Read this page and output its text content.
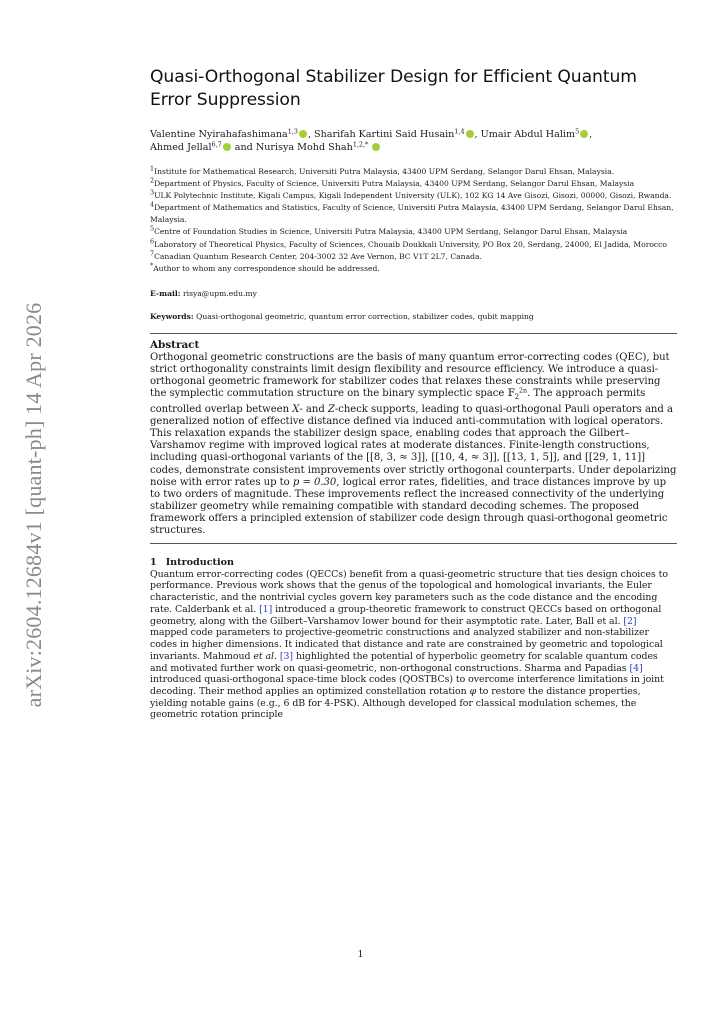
arXiv:2604.12684v1 [quant-ph] 14 Apr 2026
Quasi-Orthogonal Stabilizer Design for Efficient Quantum Error Suppression
Valentine Nyirahafashimana$^{1,3}$ , Sharifah Kartini Said Husain$^{1,4}$ , Umair Abdul Halim$^5$ ,
Ahmed Jellal$^{6,7}$ and Nurisya Mohd Shah$^{1,2,*}$
$^1$Institute for Mathematical Research, Universiti Putra Malaysia, 43400 UPM Serdang, Selangor Darul Ehsan, Malaysia.
$^2$Department of Physics, Faculty of Science, Universiti Putra Malaysia, 43400 UPM Serdang, Selangor Darul Ehsan, Malaysia
$^3$ULK Polytechnic Institute, Kigali Campus, Kigali Independent University (ULK), 102 KG 14 Ave Gisozi, Gisozi, 00000, Gisozi, Rwanda.
$^4$Department of Mathematics and Statistics, Faculty of Science, Universiti Putra Malaysia, 43400 UPM Serdang, Selangor Darul Ehsan, Malaysia.
$^5$Centre of Foundation Studies in Science, Universiti Putra Malaysia, 43400 UPM Serdang, Selangor Darul Ehsan, Malaysia
$^6$Laboratory of Theoretical Physics, Faculty of Sciences, Chouaib Doukkali University, PO Box 20, Serdang, 24000, El Jadida, Morocco
$^7$Canadian Quantum Research Center, 204-3002 32 Ave Vernon, BC V1T 2L7, Canada.
*Author to whom any correspondence should be addressed.
E-mail: risya@upm.edu.my
Keywords: Quasi-orthogonal geometric, quantum error correction, stabilizer codes, qubit mapping
Abstract
Orthogonal geometric constructions are the basis of many quantum error-correcting codes (QEC), but strict orthogonality constraints limit design flexibility and resource efficiency. We introduce a quasi-orthogonal geometric framework for stabilizer codes that relaxes these constraints while preserving the symplectic commutation structure on the binary symplectic space 𝔽$_2^{2n}$. The approach permits controlled overlap between X- and Z-check supports, leading to quasi-orthogonal Pauli operators and a generalized notion of effective distance defined via induced anti-commutation with logical operators. This relaxation expands the stabilizer design space, enabling codes that approach the Gilbert–Varshamov regime with improved logical rates at moderate distances. Finite-length constructions, including quasi-orthogonal variants of the [[8, 3, ≈ 3]], [[10, 4, ≈ 3]], [[13, 1, 5]], and [[29, 1, 11]] codes, demonstrate consistent improvements over strictly orthogonal counterparts. Under depolarizing noise with error rates up to p = 0.30, logical error rates, fidelities, and trace distances improve by up to two orders of magnitude. These improvements reflect the increased connectivity of the underlying stabilizer geometry while remaining compatible with standard decoding schemes. The proposed framework offers a principled extension of stabilizer code design through quasi-orthogonal geometric structures.
1 Introduction
Quantum error-correcting codes (QECCs) benefit from a quasi-geometric structure that ties design choices to performance. Previous work shows that the genus of the topological and homological invariants, the Euler characteristic, and the nontrivial cycles govern key parameters such as the code distance and the encoding rate. Calderbank et al. [1] introduced a group-theoretic framework to construct QECCs based on orthogonal geometry, along with the Gilbert–Varshamov lower bound for their asymptotic rate. Later, Ball et al. [2] mapped code parameters to projective-geometric constructions and analyzed stabilizer and non-stabilizer codes in higher dimensions. It indicated that distance and rate are constrained by geometric and topological invariants. Mahmoud et al. [3] highlighted the potential of hyperbolic geometry for scalable quantum codes and motivated further work on quasi-geometric, non-orthogonal constructions. Sharma and Papadias [4] introduced quasi-orthogonal space-time block codes (QOSTBCs) to overcome interference limitations in joint decoding. Their method applies an optimized constellation rotation φ to restore the distance properties, yielding notable gains (e.g., 6 dB for 4-PSK). Although developed for classical modulation schemes, the geometric rotation principle
1
